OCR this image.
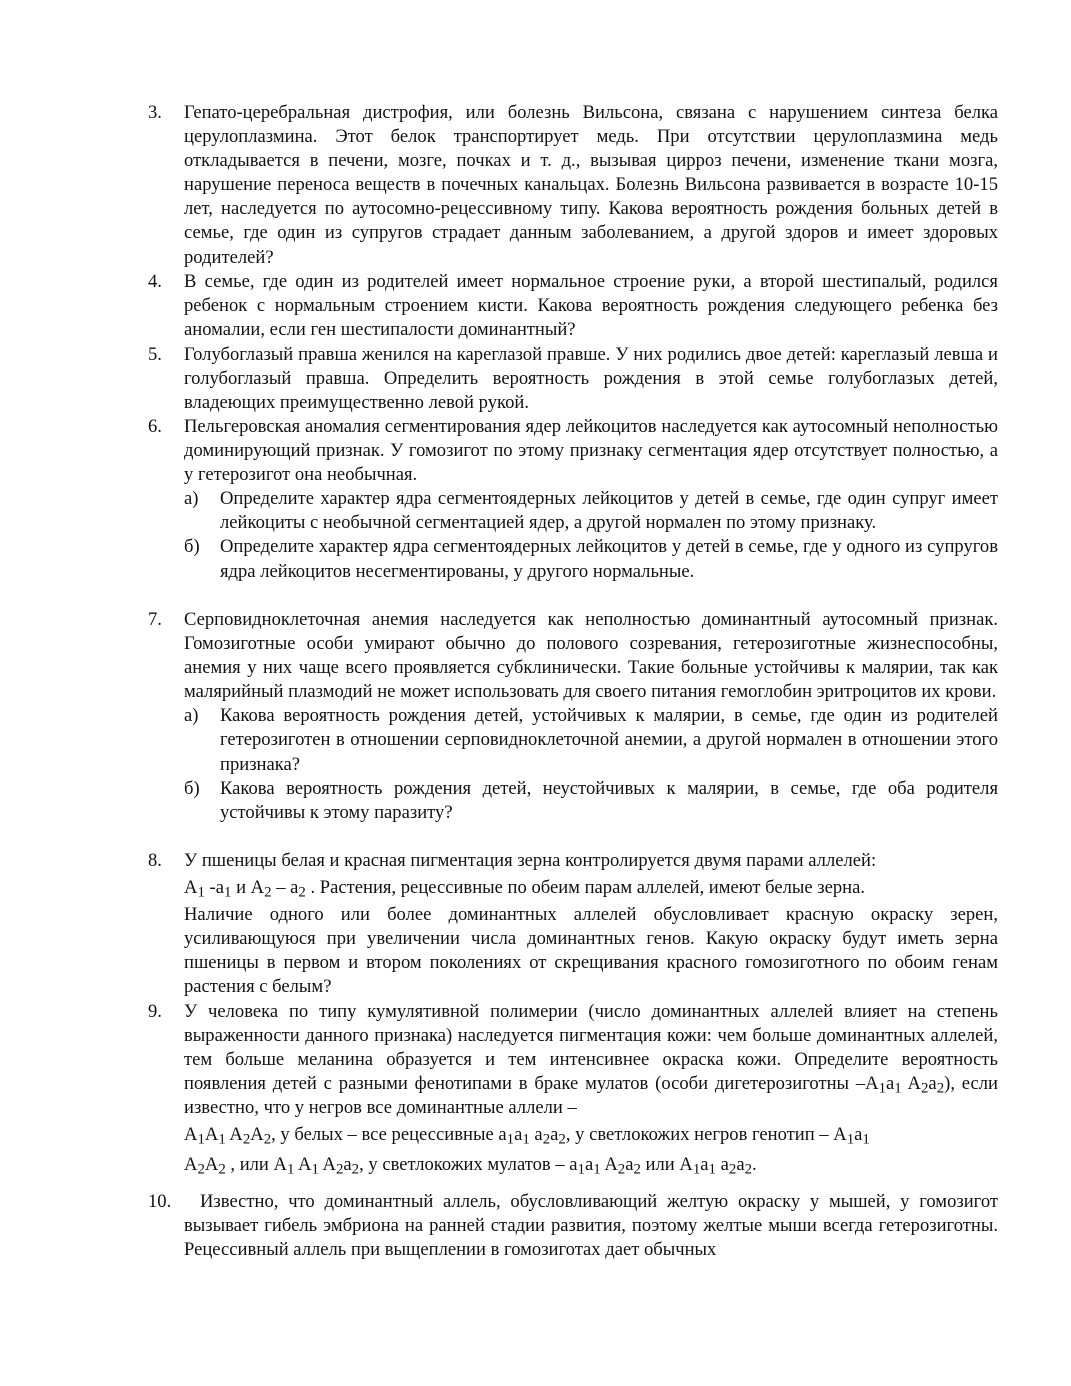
3.	Гепато-церебральная дистрофия, или болезнь Вильсона, связана с нарушением синтеза белка церулоплазмина. Этот белок транспортирует медь. При отсутствии церулоплазмина медь откладывается в печени, мозге, почках и т. д., вызывая цирроз печени, изменение ткани мозга, нарушение переноса веществ в почечных канальцах. Болезнь Вильсона развивается в возрасте 10-15 лет, наследуется по аутосомно-рецессивному типу. Какова вероятность рождения больных детей в семье, где один из супругов страдает данным заболеванием, а другой здоров и имеет здоровых родителей?
4.	В семье, где один из родителей имеет нормальное строение руки, а второй шестипалый, родился ребенок с нормальным строением кисти. Какова вероятность рождения следующего ребенка без аномалии, если ген шестипалости доминантный?
5.	Голубоглазый правша женился на кареглазой правше. У них родились двое детей: кареглазый левша и голубоглазый правша. Определить вероятность рождения в этой семье голубоглазых детей, владеющих преимущественно левой рукой.
6.	Пельгеровская аномалия сегментирования ядер лейкоцитов наследуется как аутосомный неполностью доминирующий признак. У гомозигот по этому признаку сегментация ядер отсутствует полностью, а у гетерозигот она необычная.

а)	Определите характер ядра сегментоядерных лейкоцитов у детей в семье, где один супруг имеет лейкоциты с необычной сегментацией ядер, а другой нормален по этому признаку.
б)	Определите характер ядра сегментоядерных лейкоцитов у детей в семье, где у одного из супругов ядра лейкоцитов несегментированы, у другого нормальные.
7.	Серповидноклеточная анемия наследуется как неполностью доминантный аутосомный признак. Гомозиготные особи умирают обычно до полового созревания, гетерозиготные жизнеспособны, анемия у них чаще всего проявляется субклинически. Такие больные устойчивы к малярии, так как малярийный плазмодий не может использовать для своего питания гемоглобин эритроцитов их крови.

а)	Какова вероятность рождения детей, устойчивых к малярии, в семье, где один из родителей гетерозиготен в отношении серповидноклеточной анемии, а другой нормален в отношении этого признака?
б)	Какова вероятность рождения детей, неустойчивых к малярии, в семье, где оба родителя устойчивы к этому паразиту?
8.	У пшеницы белая и красная пигментация зерна контролируется двумя парами аллелей:

$A_1$ $-a_1$ и $A_2 - a_2$ . Растения, рецессивные по обеим парам аллелей, имеют белые зерна.

Наличие одного или более доминантных аллелей обусловливает красную окраску зерен, усиливающуюся при увеличении числа доминантных генов. Какую окраску будут иметь зерна пшеницы в первом и втором поколениях от скрещивания красного гомозиготного по обоим генам растения с белым?

9.	У человека по типу кумулятивной полимерии (число доминантных аллелей влияет на степень выраженности данного признака) наследуется пигментация кожи: чем больше доминантных аллелей, тем больше меланина образуется и тем интенсивнее окраска кожи. Определите вероятность появления детей с разными фенотипами в браке мулатов (особи дигетерозиготны $-A_1a_1$ $A_2a_2$), если известно, что у негров все доминантные аллели –

$A_1A_1$ $A_2A_2$, у белых – все рецессивные $a_1a_1$ $a_2a_2$, у светлокожих негров генотип – $A_1a_1$
$A_2A_2$ , или $A_1$ $A_1$ $A_2a_2$, у светлокожих мулатов – $a_1a_1$ $A_2a_2$ или $A_1a_1$ $a_2a_2$.

10.	Известно, что доминантный аллель, обусловливающий желтую окраску у мышей, у гомозигот вызывает гибель эмбриона на ранней стадии развития, поэтому желтые мыши всегда гетерозиготны. Рецессивный аллель при выщеплении в гомозиготах дает обычных
